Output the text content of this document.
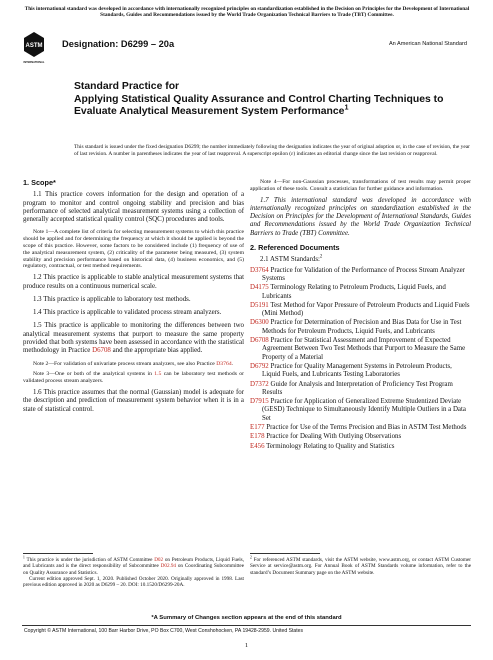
This international standard was developed in accordance with internationally recognized principles on standardization established in the Decision on Principles for the Development of International Standards, Guides and Recommendations issued by the World Trade Organization Technical Barriers to Trade (TBT) Committee.
ASTM
INTERNATIONAL
Designation: D6299 – 20a	An American National Standard
Standard Practice for
Applying Statistical Quality Assurance and Control Charting Techniques to Evaluate Analytical Measurement System Performance$^1$
This standard is issued under the fixed designation D6299; the number immediately following the designation indicates the year of original adoption or, in the case of revision, the year of last revision. A number in parentheses indicates the year of last reapproval. A superscript epsilon (ε) indicates an editorial change since the last revision or reapproval.
1. Scope*

1.1 This practice covers information for the design and operation of a program to monitor and control ongoing stability and precision and bias performance of selected analytical measurement systems using a collection of generally accepted statistical quality control (SQC) procedures and tools.

Note 1—A complete list of criteria for selecting measurement systems to which this practice should be applied and for determining the frequency at which it should be applied is beyond the scope of this practice. However, some factors to be considered include (1) frequency of use of the analytical measurement system, (2) criticality of the parameter being measured, (3) system stability and precision performance based on historical data, (4) business economics, and (5) regulatory, contractual, or test method requirements.

1.2 This practice is applicable to stable analytical measurement systems that produce results on a continuous numerical scale.

1.3 This practice is applicable to laboratory test methods.

1.4 This practice is applicable to validated process stream analyzers.

1.5 This practice is applicable to monitoring the differences between two analytical measurement systems that purport to measure the same property provided that both systems have been assessed in accordance with the statistical methodology in Practice D6708 and the appropriate bias applied.

Note 2—For validation of univariate process stream analyzers, see also Practice D3764.

Note 3—One or both of the analytical systems in 1.5 can be laboratory test methods or validated process stream analyzers.

1.6 This practice assumes that the normal (Gaussian) model is adequate for the description and prediction of measurement system behavior when it is in a state of statistical control.

Note 4—For non-Gaussian processes, transformations of test results may permit proper application of these tools. Consult a statistician for further guidance and information.

1.7 This international standard was developed in accordance with internationally recognized principles on standardization established in the Decision on Principles for the Development of International Standards, Guides and Recommendations issued by the World Trade Organization Technical Barriers to Trade (TBT) Committee.

2. Referenced Documents

2.1 ASTM Standards:$^2$

D3764 Practice for Validation of the Performance of Process Stream Analyzer Systems
D4175 Terminology Relating to Petroleum Products, Liquid Fuels, and Lubricants
D5191 Test Method for Vapor Pressure of Petroleum Products and Liquid Fuels (Mini Method)
D6300 Practice for Determination of Precision and Bias Data for Use in Test Methods for Petroleum Products, Liquid Fuels, and Lubricants
D6708 Practice for Statistical Assessment and Improvement of Expected Agreement Between Two Test Methods that Purport to Measure the Same Property of a Material
D6792 Practice for Quality Management Systems in Petroleum Products, Liquid Fuels, and Lubricants Testing Laboratories
D7372 Guide for Analysis and Interpretation of Proficiency Test Program Results
D7915 Practice for Application of Generalized Extreme Studentized Deviate (GESD) Technique to Simultaneously Identify Multiple Outliers in a Data Set
E177 Practice for Use of the Terms Precision and Bias in ASTM Test Methods
E178 Practice for Dealing With Outlying Observations
E456 Terminology Relating to Quality and Statistics
$^1$ This practice is under the jurisdiction of ASTM Committee D02 on Petroleum Products, Liquid Fuels, and Lubricants and is the direct responsibility of Subcommittee D02.94 on Coordinating Subcommittee on Quality Assurance and Statistics.
Current edition approved Sept. 1, 2020. Published October 2020. Originally approved in 1998. Last previous edition approved in 2020 as D6299 – 20. DOI: 10.1520/D6299-20A.
$^2$ For referenced ASTM standards, visit the ASTM website, www.astm.org, or contact ASTM Customer Service at service@astm.org. For Annual Book of ASTM Standards volume information, refer to the standard’s Document Summary page on the ASTM website.
*A Summary of Changes section appears at the end of this standard
Copyright © ASTM International, 100 Barr Harbor Drive, PO Box C700, West Conshohocken, PA 19428-2959. United States
1
